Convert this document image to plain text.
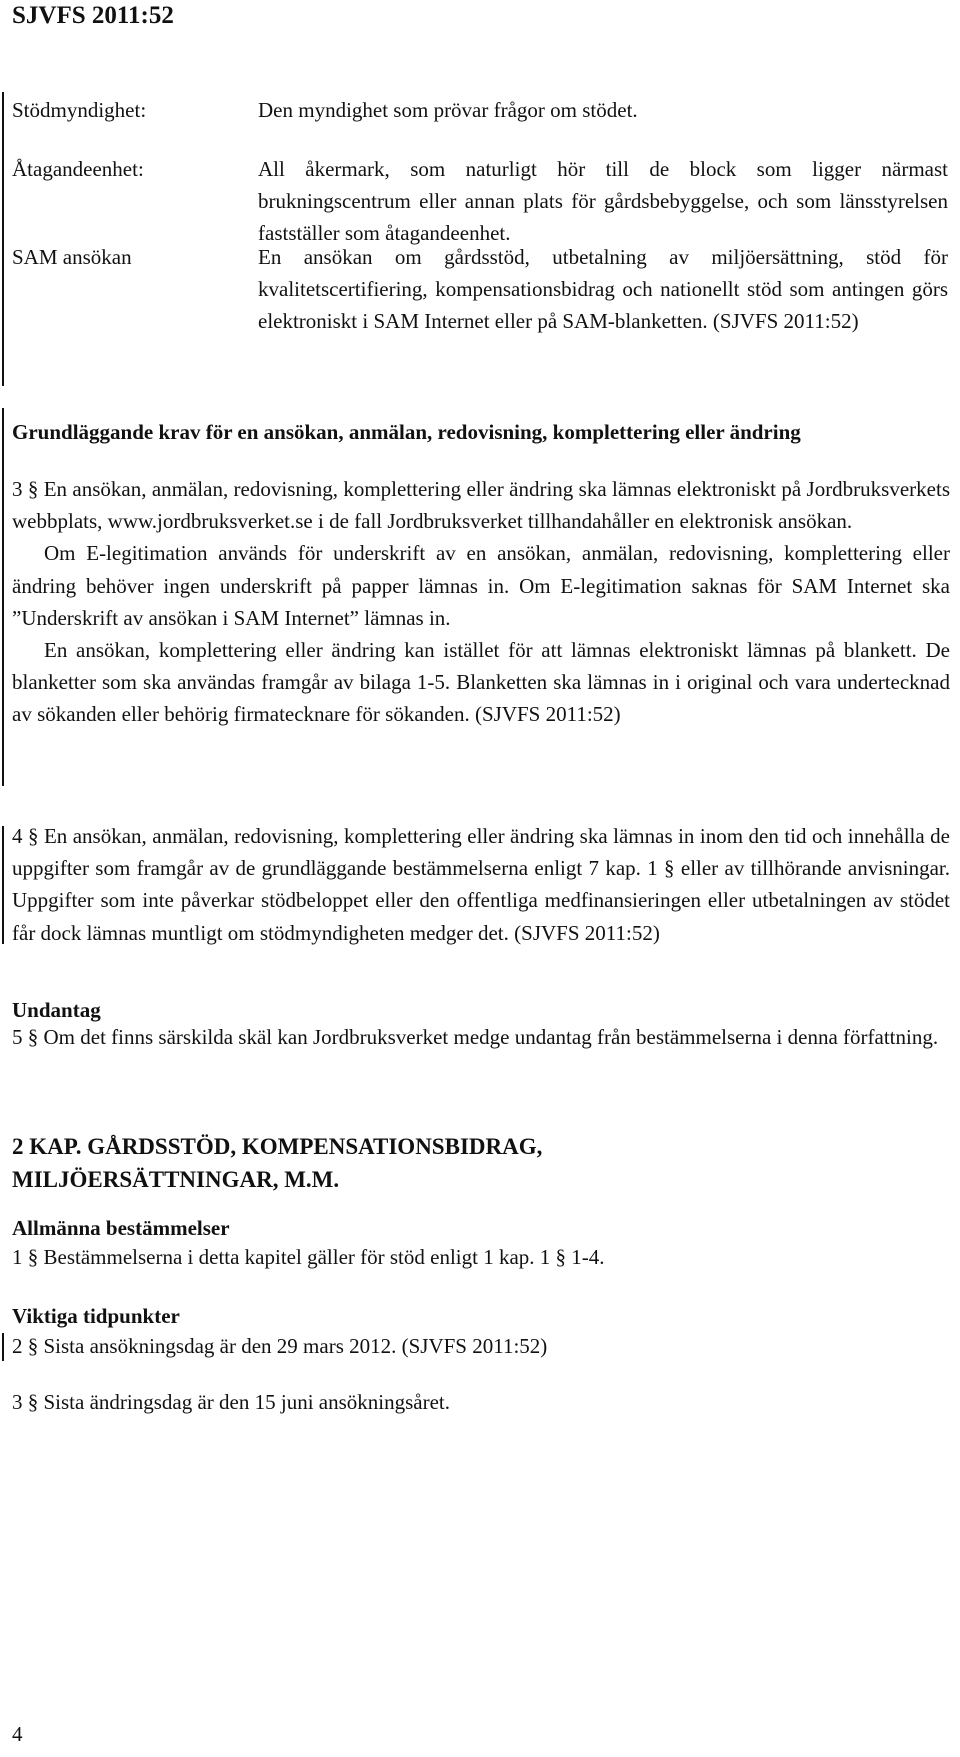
SJVFS 2011:52
Stödmyndighet:	Den myndighet som prövar frågor om stödet.
Åtagandeenhet:	All åkermark, som naturligt hör till de block som ligger närmast brukningscentrum eller annan plats för gårdsbebyggelse, och som länsstyrelsen fastställer som åtagandeenhet.
SAM ansökan	En ansökan om gårdsstöd, utbetalning av miljöersättning, stöd för kvalitetscertifiering, kompensationsbidrag och nationellt stöd som antingen görs elektroniskt i SAM Internet eller på SAM-blanketten. (SJVFS 2011:52)
Grundläggande krav för en ansökan, anmälan, redovisning, komplettering eller ändring

3 § En ansökan, anmälan, redovisning, komplettering eller ändring ska lämnas elektroniskt på Jordbruksverkets webbplats, www.jordbruksverket.se i de fall Jordbruksverket tillhandahåller en elektronisk ansökan.

Om E-legitimation används för underskrift av en ansökan, anmälan, redovisning, komplettering eller ändring behöver ingen underskrift på papper lämnas in. Om E-legitimation saknas för SAM Internet ska ”Underskrift av ansökan i SAM Internet” lämnas in.

En ansökan, komplettering eller ändring kan istället för att lämnas elektroniskt lämnas på blankett. De blanketter som ska användas framgår av bilaga 1-5. Blanketten ska lämnas in i original och vara undertecknad av sökanden eller behörig firmatecknare för sökanden. (SJVFS 2011:52)

4 § En ansökan, anmälan, redovisning, komplettering eller ändring ska lämnas in inom den tid och innehålla de uppgifter som framgår av de grundläggande bestämmelserna enligt 7 kap. 1 § eller av tillhörande anvisningar. Uppgifter som inte påverkar stödbeloppet eller den offentliga medfinansieringen eller utbetalningen av stödet får dock lämnas muntligt om stödmyndigheten medger det. (SJVFS 2011:52)

Undantag

5 § Om det finns särskilda skäl kan Jordbruksverket medge undantag från bestämmelserna i denna författning.

2 KAP. GÅRDSSTÖD, KOMPENSATIONSBIDRAG,
MILJÖERSÄTTNINGAR, M.M.
Allmänna bestämmelser
1 § Bestämmelserna i detta kapitel gäller för stöd enligt 1 kap. 1 § 1-4.
Viktiga tidpunkter
2 § Sista ansökningsdag är den 29 mars 2012. (SJVFS 2011:52)
3 § Sista ändringsdag är den 15 juni ansökningsåret.
4
